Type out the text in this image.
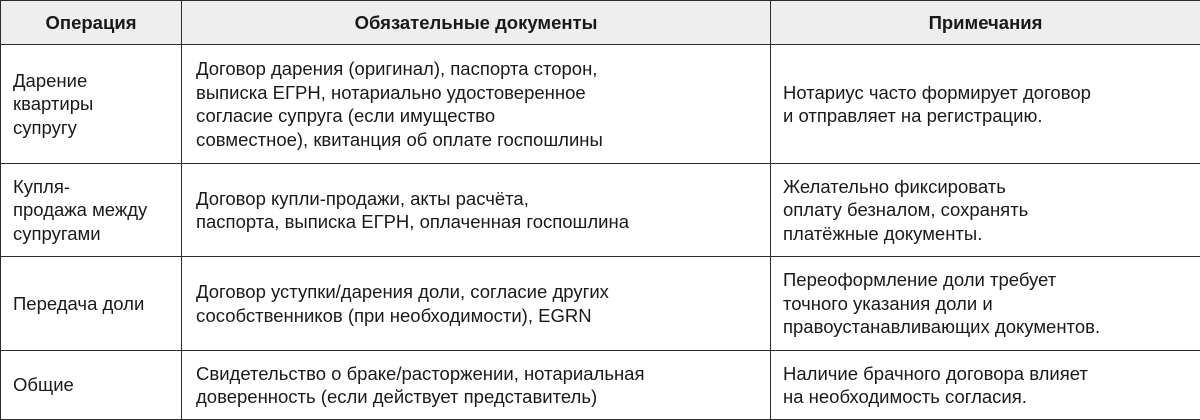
Операция	Обязательные документы	Примечания

Дарение
квартиры
супругу	Договор дарения (оригинал), паспорта сторон,
выписка ЕГРН, нотариально удостоверенное
согласие супруга (если имущество
совместное), квитанция об оплате госпошлины	Нотариус часто формирует договор
и отправляет на регистрацию.

Купля-
продажа между
супругами	Договор купли-продажи, акты расчёта,
паспорта, выписка ЕГРН, оплаченная госпошлина	Желательно фиксировать
оплату безналом, сохранять
платёжные документы.

Передача доли	Договор уступки/дарения доли, согласие других
сособственников (при необходимости), EGRN	Переоформление доли требует
точного указания доли и
правоустанавливающих документов.

Общие	Свидетельство о браке/расторжении, нотариальная
доверенность (если действует представитель)	Наличие брачного договора влияет
на необходимость согласия.
